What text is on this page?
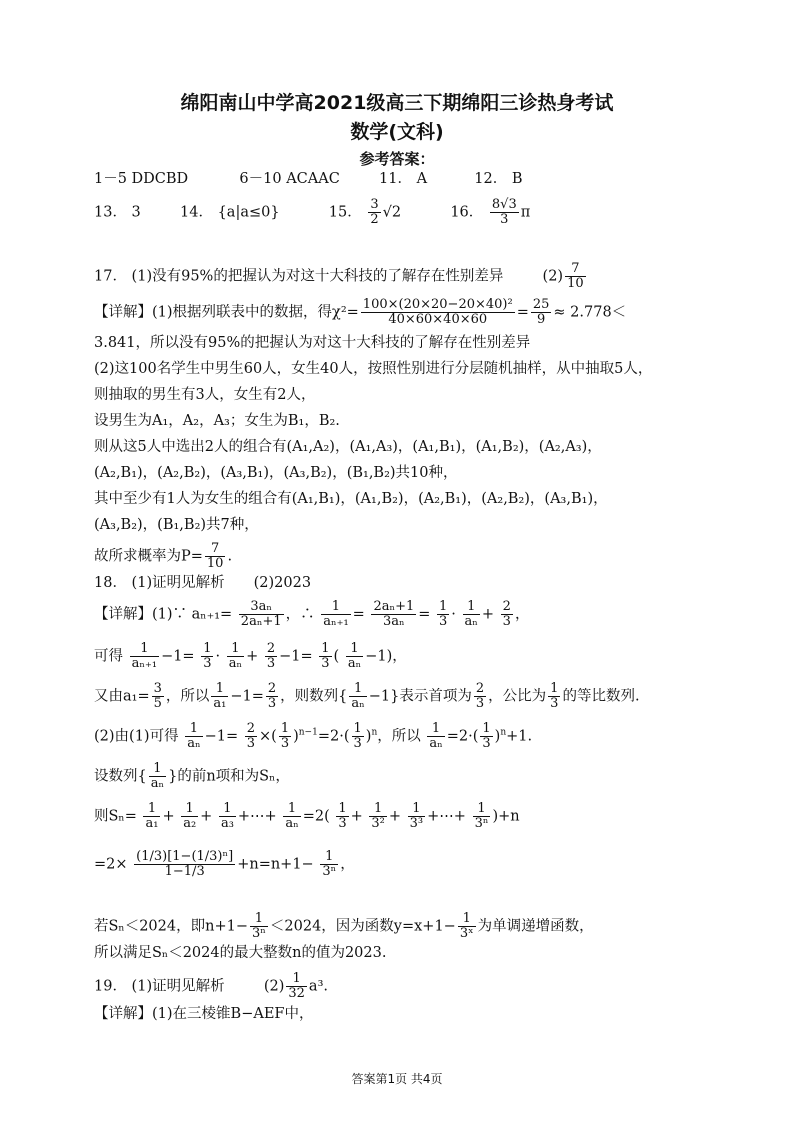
绵阳南山中学高2021级高三下期绵阳三诊热身考试
数学(文科)
参考答案：
1－5 DDCBD	6－10 ACAAC	11． A	12． B
13． 3	14． {a|a≤0}	15． $\frac{3}{2} √2$	16． $\frac{8√3}{3}$ π
17． (1)没有95%的把握认为对这十大科技的了解存在性别差异	$(2) \frac{7}{10}$
【详解】(1)根据列联表中的数据，得$\chi^2= \frac{\text{100×(20×20−20×40)²}}{40\times 60\times 40\times 60} = \frac{25}{9} \approx 2.778<$
3.841，所以没有95%的把握认为对这十大科技的了解存在性别差异
(2)这100名学生中男生60人，女生40人，按照性别进行分层随机抽样，从中抽取5人，
则抽取的男生有3人，女生有2人，
设男生为A₁，A₂，A₃；女生为B₁，B₂.
则从这5人中选出2人的组合有(A₁,A₂)，(A₁,A₃)，(A₁,B₁)，(A₁,B₂)，(A₂,A₃)，
(A₂,B₁)，(A₂,B₂)，(A₃,B₁)，(A₃,B₂)，(B₁,B₂)共10种，
其中至少有1人为女生的组合有(A₁,B₁)，(A₁,B₂)，(A₂,B₁)，(A₂,B₂)，(A₃,B₁)，
(A₃,B₂)，(B₁,B₂)共7种，
故所求概率为$P= \frac{7}{10}$ .
18． (1)证明见解析　　(2)2023
【详解】(1)∵ $a_{n+1}= \frac{\text{3aₙ}}{\text{2aₙ+1}}$ ，∴ $\frac{1}{\text{aₙ₊₁}} = \frac{\text{2aₙ+1}}{\text{3aₙ}} = \frac{1}{3} \cdot \frac{1}{\text{aₙ}} + \frac{2}{3}$ ，
可得 $\frac{1}{\text{aₙ₊₁}} -1= \frac{1}{3} \cdot \frac{1}{\text{aₙ}} + \frac{2}{3} -1= \frac{1}{3}$ ( $\frac{1}{\text{aₙ}} -1$)，
又由$a_1= \frac{3}{5}$ ，所以 $\frac{1}{\text{a₁}} -1= \frac{2}{3}$ ，则数列{ $\frac{1}{\text{aₙ}} -1$}表示首项为 $\frac{2}{3}$ ，公比为 $\frac{1}{3}$ 的等比数列.
(2)由(1)可得 $\frac{1}{\text{aₙ}} -1= \frac{2}{3}$ ×( $\frac{1}{3} )^{n-1}=2\cdot( \frac{1}{3} )^n$，所以 $\frac{1}{\text{aₙ}} =2\cdot( \frac{1}{3} )^n+1$.
设数列{ $\frac{1}{\text{aₙ}}$ }的前n项和为Sₙ，
则$S_n= \frac{1}{\text{a₁}} + \frac{1}{\text{a₂}} + \frac{1}{\text{a₃}}$ +⋯+ $\frac{1}{\text{aₙ}} =2( \frac{1}{3} + \frac{1}{\text{3²}} + \frac{1}{\text{3³}}$ +⋯+ $\frac{1}{\text{3ⁿ}} )+n$
$=2\times \frac{\text{(1/3)[1−(1/3)ⁿ]}}{1-1/3} +n=n+1- \frac{1}{\text{3ⁿ}}$ ，
若Sₙ＜2024，即$n+1- \frac{1}{\text{3ⁿ}} <2024$，因为函数$y=x+1- \frac{1}{\text{3ˣ}}$ 为单调递增函数，
所以满足Sₙ＜2024的最大整数n的值为2023.
19． (1)证明见解析	$(2) \frac{1}{32} a^3$.
【详解】(1)在三棱锥B−AEF中，
答案第1页 共4页
